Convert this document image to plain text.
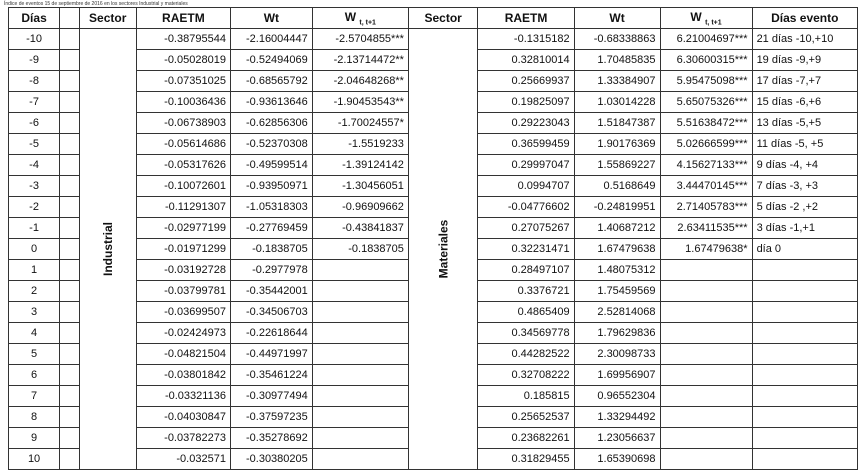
Índice de eventos 15 de septiembre de 2016 en los sectores Industrial y materiales
Días		Sector	RAETM	Wt	W $_{t, t+1}$	Sector	RAETM	Wt	W $_{t, t+1}$	Días evento
-10		Industrial	-0.38795544	-2.16004447	-2.5704855***	Materiales	-0.1315182	-0.68338863	6.21004697***	21 días -10,+10
-9			-0.05028019	-0.52494069	-2.13714472**		0.32810014	1.70485835	6.30600315***	19 días -9,+9
-8			-0.07351025	-0.68565792	-2.04648268**		0.25669937	1.33384907	5.95475098***	17 días -7,+7
-7			-0.10036436	-0.93613646	-1.90453543**		0.19825097	1.03014228	5.65075326***	15 días -6,+6
-6			-0.06738903	-0.62856306	-1.70024557*		0.29223043	1.51847387	5.51638472***	13 días -5,+5
-5			-0.05614686	-0.52370308	-1.5519233		0.36599459	1.90176369	5.02666599***	11 días -5, +5
-4			-0.05317626	-0.49599514	-1.39124142		0.29997047	1.55869227	4.15627133***	9 días -4, +4
-3			-0.10072601	-0.93950971	-1.30456051		0.0994707	0.5168649	3.44470145***	7 días -3, +3
-2			-0.11291307	-1.05318303	-0.96909662		-0.04776602	-0.24819951	2.71405783***	5 días -2 ,+2
-1			-0.02977199	-0.27769459	-0.43841837		0.27075267	1.40687212	2.63411535***	3 días -1,+1
0			-0.01971299	-0.1838705	-0.1838705		0.32231471	1.67479638	1.67479638*	día 0
1			-0.03192728	-0.2977978			0.28497107	1.48075312		
2			-0.03799781	-0.35442001			0.3376721	1.75459569		
3			-0.03699507	-0.34506703			0.4865409	2.52814068		
4			-0.02424973	-0.22618644			0.34569778	1.79629836		
5			-0.04821504	-0.44971997			0.44282522	2.30098733		
6			-0.03801842	-0.35461224			0.32708222	1.69956907		
7			-0.03321136	-0.30977494			0.185815	0.96552304		
8			-0.04030847	-0.37597235			0.25652537	1.33294492		
9			-0.03782273	-0.35278692			0.23682261	1.23056637		
10			-0.032571	-0.30380205			0.31829455	1.65390698		
